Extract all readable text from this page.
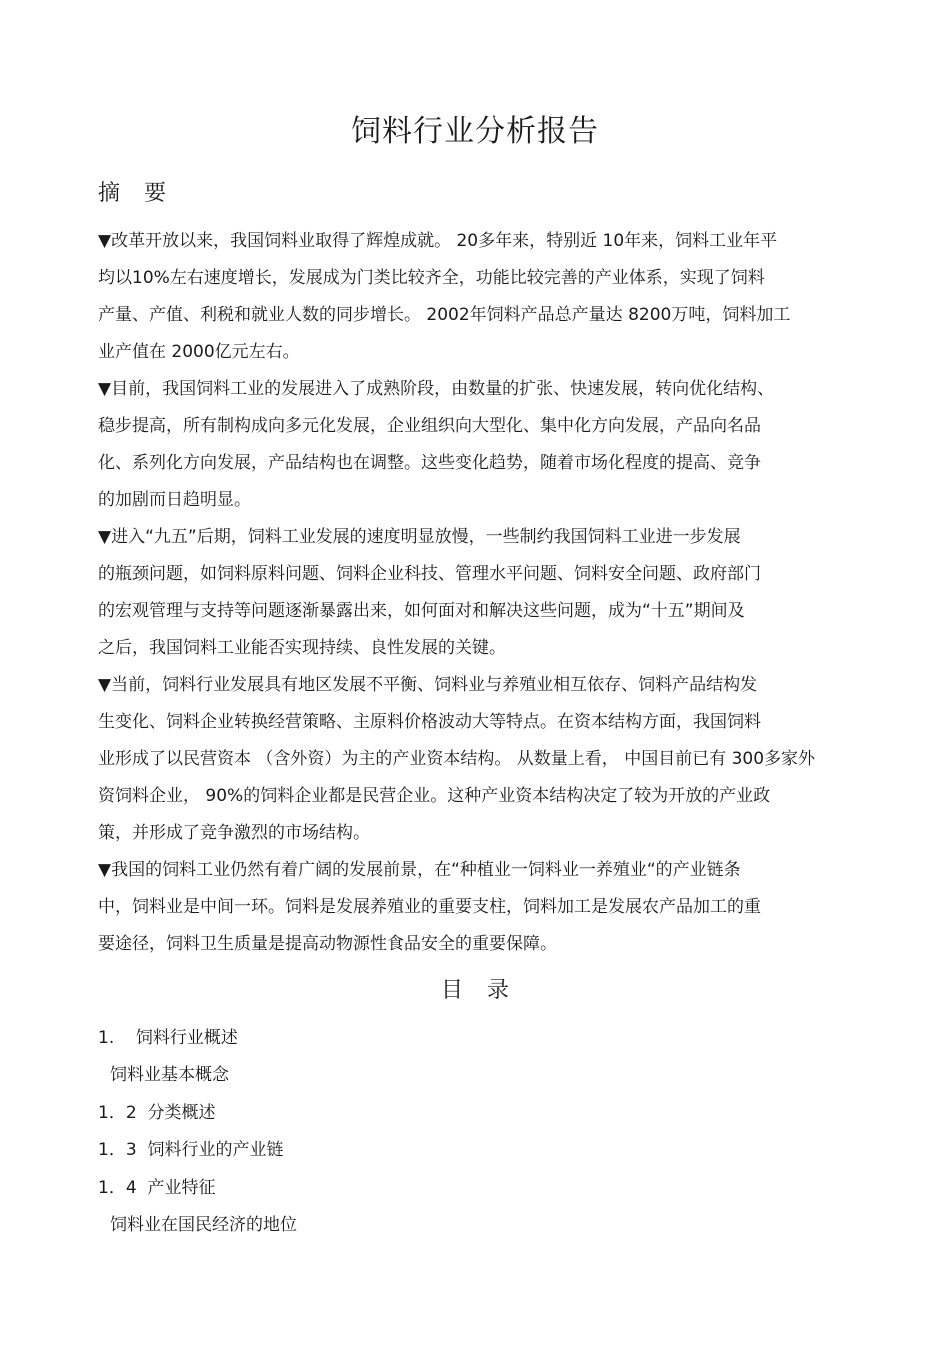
饲料行业分析报告
摘要

▼改革开放以来，我国饲料业取得了辉煌成就。 20多年来，特别近 10年来，饲料工业年平

均以10%左右速度增长，发展成为门类比较齐全，功能比较完善的产业体系，实现了饲料

产量、产值、利税和就业人数的同步增长。 2002年饲料产品总产量达 8200万吨，饲料加工

业产值在 2000亿元左右。

▼目前，我国饲料工业的发展进入了成熟阶段，由数量的扩张、快速发展，转向优化结构、

稳步提高，所有制构成向多元化发展，企业组织向大型化、集中化方向发展，产品向名品

化、系列化方向发展，产品结构也在调整。这些变化趋势，随着市场化程度的提高、竞争

的加剧而日趋明显。

▼进入“九五”后期，饲料工业发展的速度明显放慢，一些制约我国饲料工业进一步发展

的瓶颈问题，如饲料原料问题、饲料企业科技、管理水平问题、饲料安全问题、政府部门

的宏观管理与支持等问题逐渐暴露出来，如何面对和解决这些问题，成为“十五”期间及

之后，我国饲料工业能否实现持续、良性发展的关键。

▼当前，饲料行业发展具有地区发展不平衡、饲料业与养殖业相互依存、饲料产品结构发

生变化、饲料企业转换经营策略、主原料价格波动大等特点。在资本结构方面，我国饲料

业形成了以民营资本 （含外资）为主的产业资本结构。 从数量上看， 中国目前已有 300多家外

资饲料企业， 90%的饲料企业都是民营企业。这种产业资本结构决定了较为开放的产业政

策，并形成了竞争激烈的市场结构。

▼我国的饲料工业仍然有着广阔的发展前景，在“种植业一饲料业一养殖业“的产业链条

中，饲料业是中间一环。饲料是发展养殖业的重要支柱，饲料加工是发展农产品加工的重

要途径，饲料卫生质量是提高动物源性食品安全的重要保障。

目录

1.    饲料行业概述

饲料业基本概念

1．2  分类概述

1．3  饲料行业的产业链

1．4  产业特征

饲料业在国民经济的地位
